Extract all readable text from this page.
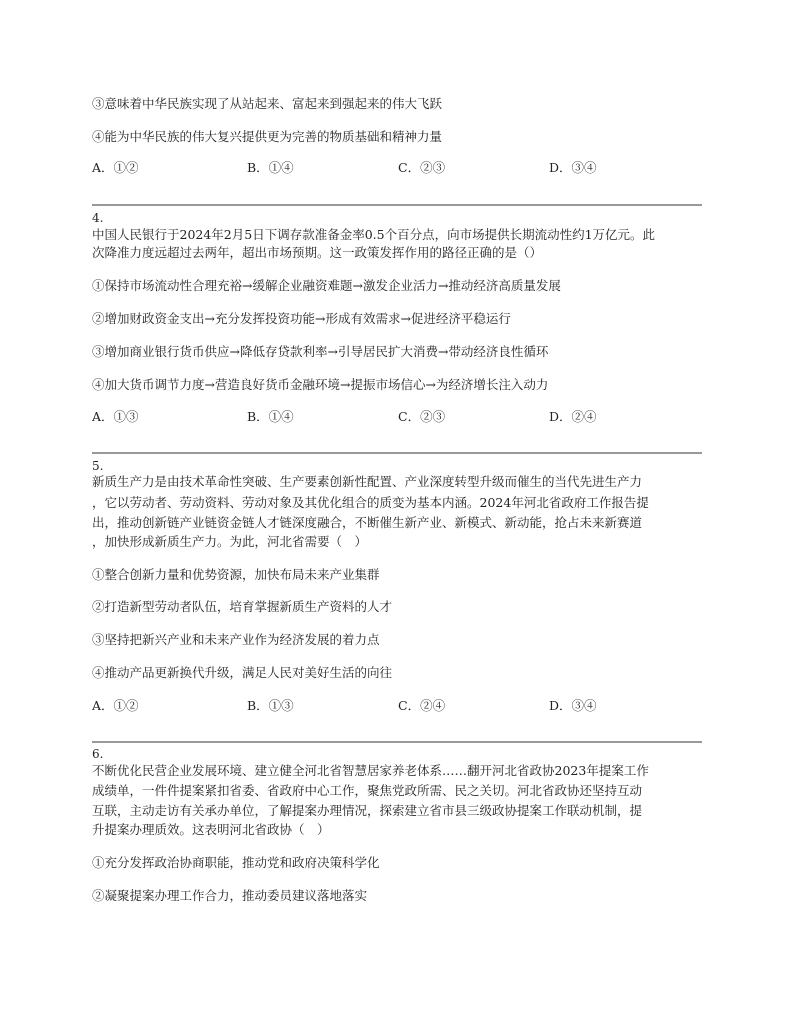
③意味着中华民族实现了从站起来、富起来到强起来的伟大飞跃
④能为中华民族的伟大复兴提供更为完善的物质基础和精神力量
A．①②	B．①④	C．②③	D．③④
4.
中国人民银行于2024年2月5日下调存款准备金率0.5个百分点，向市场提供长期流动性约1万亿元。此
次降准力度远超过去两年，超出市场预期。这一政策发挥作用的路径正确的是（）
①保持市场流动性合理充裕→缓解企业融资难题→激发企业活力→推动经济高质量发展
②增加财政资金支出→充分发挥投资功能→形成有效需求→促进经济平稳运行
③增加商业银行货币供应→降低存贷款利率→引导居民扩大消费→带动经济良性循环
④加大货币调节力度→营造良好货币金融环境→提振市场信心→为经济增长注入动力
A．①③	B．①④	C．②③	D．②④
5.
新质生产力是由技术革命性突破、生产要素创新性配置、产业深度转型升级而催生的当代先进生产力
，它以劳动者、劳动资料、劳动对象及其优化组合的质变为基本内涵。2024年河北省政府工作报告提
出，推动创新链产业链资金链人才链深度融合，不断催生新产业、新模式、新动能，抢占未来新赛道
，加快形成新质生产力。为此，河北省需要（　）
①整合创新力量和优势资源，加快布局未来产业集群
②打造新型劳动者队伍，培育掌握新质生产资料的人才
③坚持把新兴产业和未来产业作为经济发展的着力点
④推动产品更新换代升级，满足人民对美好生活的向往
A．①②	B．①③	C．②④	D．③④
6.
不断优化民营企业发展环境、建立健全河北省智慧居家养老体系……翻开河北省政协2023年提案工作
成绩单，一件件提案紧扣省委、省政府中心工作，聚焦党政所需、民之关切。河北省政协还坚持互动
互联，主动走访有关承办单位，了解提案办理情况，探索建立省市县三级政协提案工作联动机制，提
升提案办理质效。这表明河北省政协（　）
①充分发挥政治协商职能，推动党和政府决策科学化
②凝聚提案办理工作合力，推动委员建议落地落实
